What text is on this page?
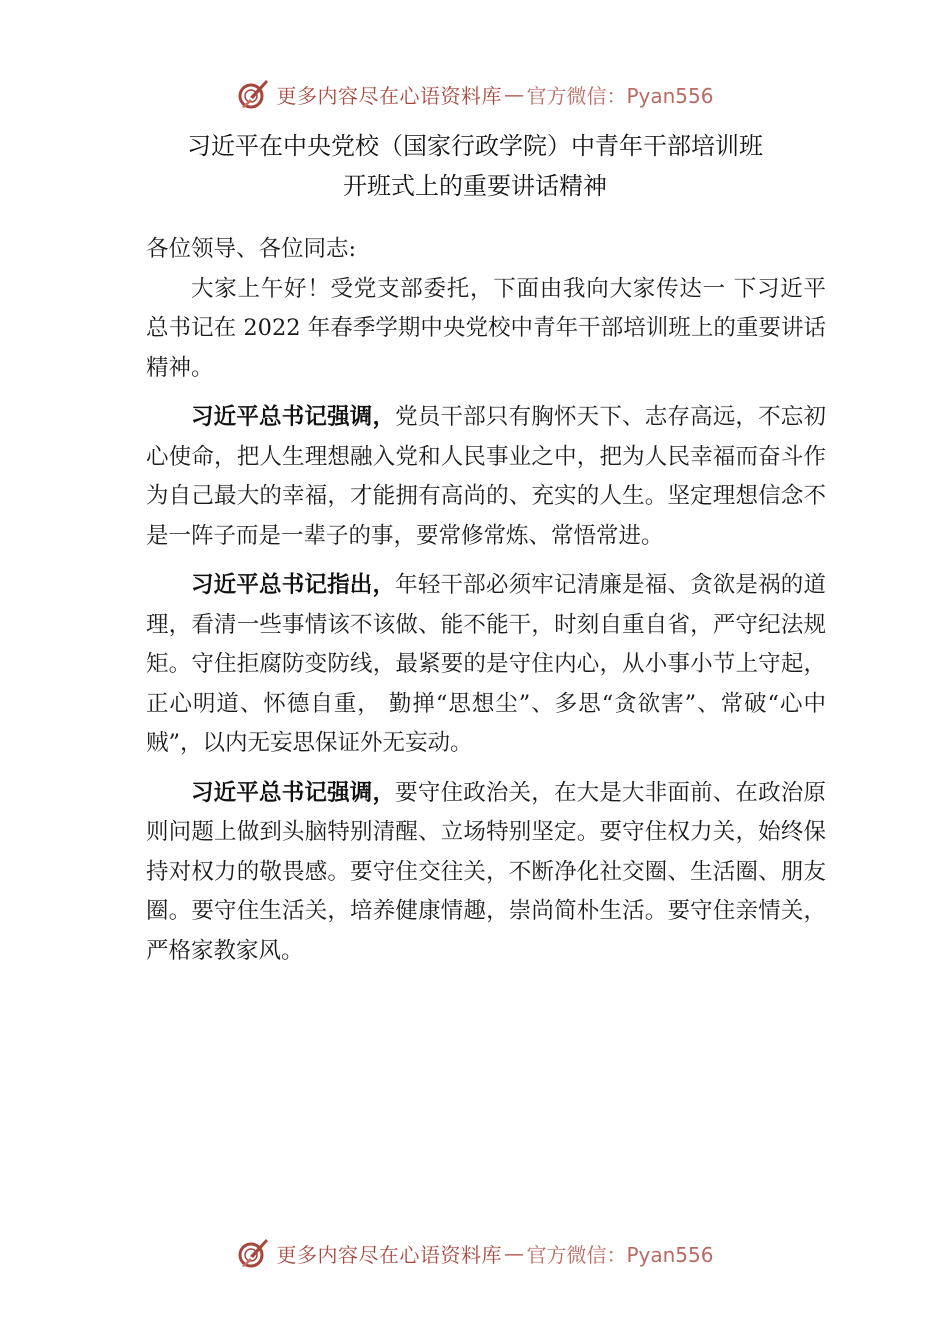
更多内容尽在心语资料库 — 官方微信：Pyan556
习近平在中央党校（国家行政学院）中青年干部培训班
开班式上的重要讲话精神

各位领导、各位同志:

大家上午好！受党支部委托，下面由我向大家传达一 下习近平总书记在 2022 年春季学期中央党校中青年干部培训班上的重要讲话精神。

习近平总书记强调，党员干部只有胸怀天下、志存高远，不忘初心使命，把人生理想融入党和人民事业之中，把为人民幸福而奋斗作为自己最大的幸福，才能拥有高尚的、充实的人生。坚定理想信念不是一阵子而是一辈子的事，要常修常炼、常悟常进。

习近平总书记指出，年轻干部必须牢记清廉是福、贪欲是祸的道理，看清一些事情该不该做、能不能干，时刻自重自省，严守纪法规矩。守住拒腐防变防线，最紧要的是守住内心，从小事小节上守起，正心明道、怀德自重， 勤掸“思想尘”、多思“贪欲害”、常破“心中贼”，以内无妄思保证外无妄动。

习近平总书记强调，要守住政治关，在大是大非面前、在政治原则问题上做到头脑特别清醒、立场特别坚定。要守住权力关，始终保持对权力的敬畏感。要守住交往关，不断净化社交圈、生活圈、朋友圈。要守住生活关，培养健康情趣，崇尚简朴生活。要守住亲情关，严格家教家风。

更多内容尽在心语资料库 — 官方微信：Pyan556
